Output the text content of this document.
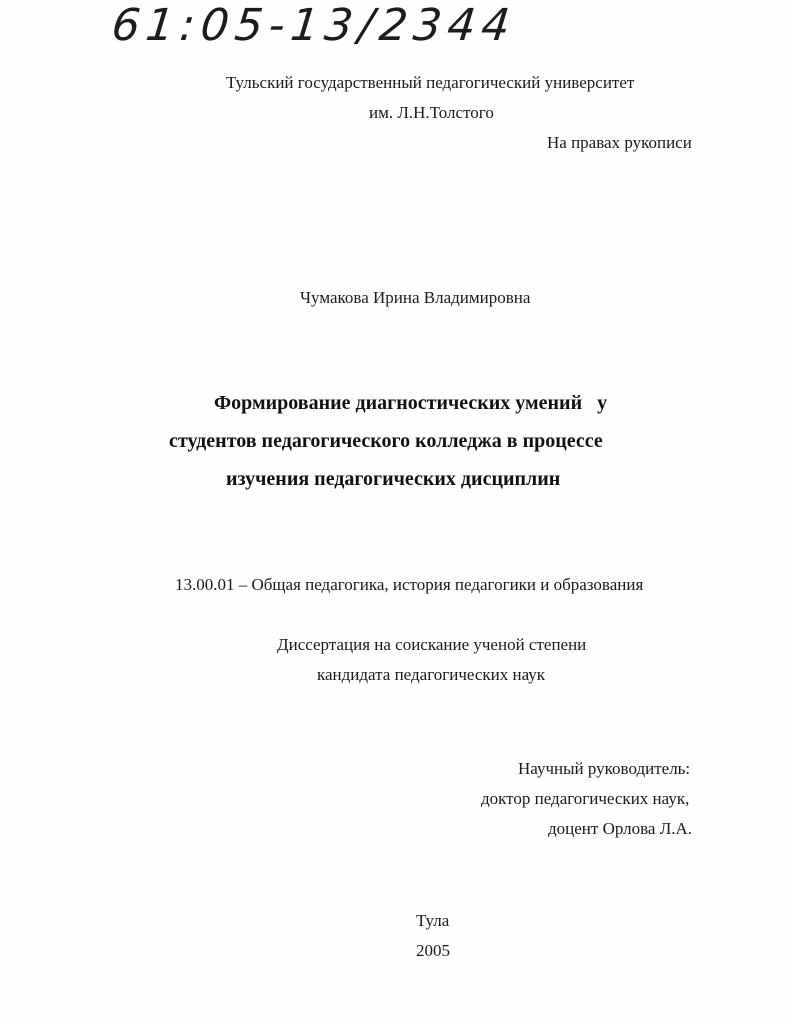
61:05-13/2344
Тульский государственный педагогический университет
им. Л.Н.Толстого
На правах рукописи
Чумакова Ирина Владимировна
Формирование диагностических умений   у
студентов педагогического колледжа в процессе
изучения педагогических дисциплин
13.00.01 – Общая педагогика, история педагогики и образования
Диссертация на соискание ученой степени
кандидата педагогических наук
Научный руководитель:
доктор педагогических наук,
доцент Орлова Л.А.
Тула
2005
